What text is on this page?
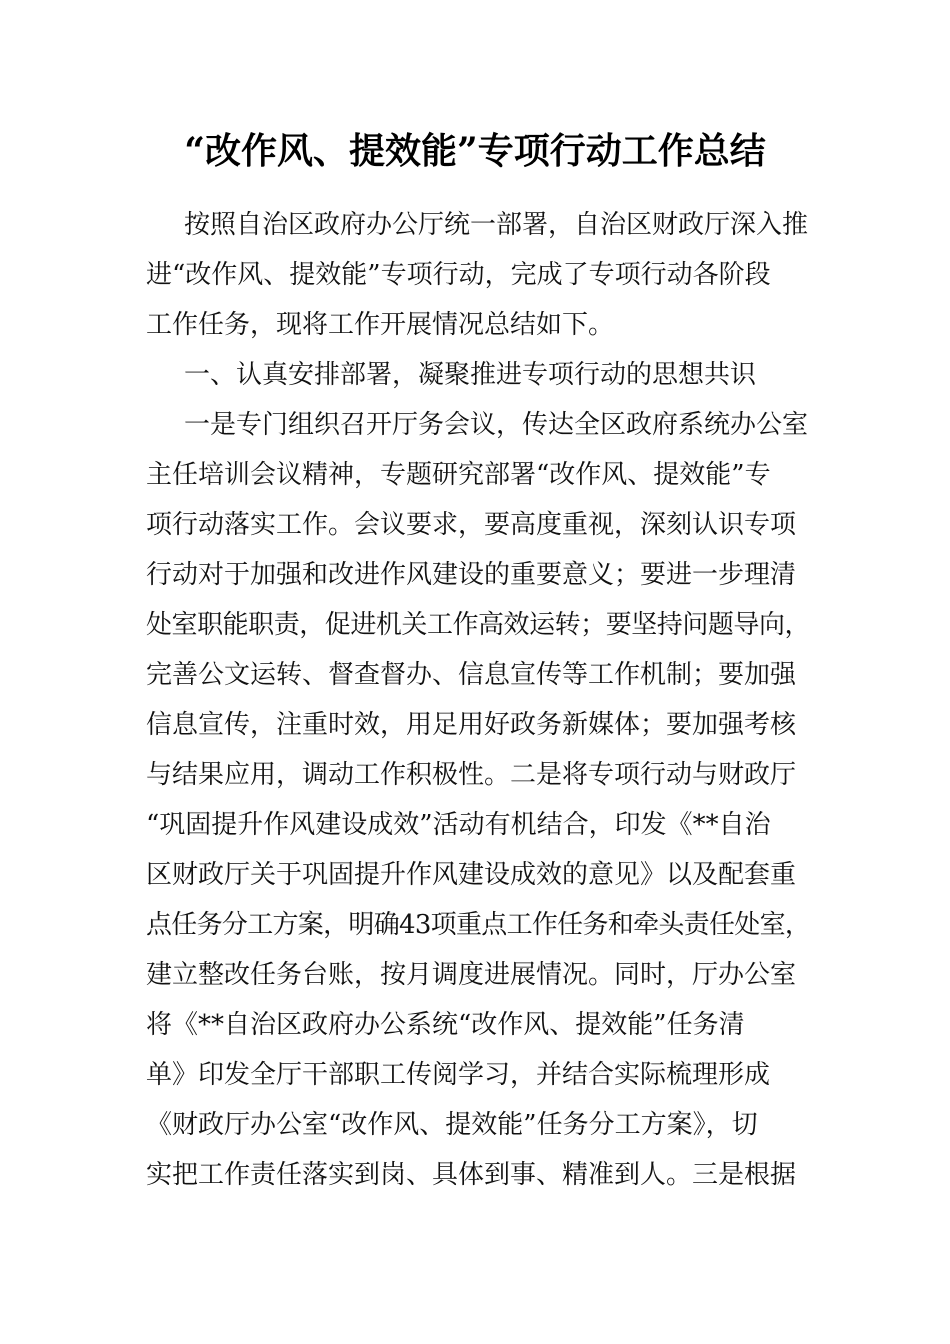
“改作风、提效能”专项行动工作总结
按照自治区政府办公厅统一部署，自治区财政厅深入推
进“改作风、提效能”专项行动，完成了专项行动各阶段
工作任务，现将工作开展情况总结如下。
一、认真安排部署，凝聚推进专项行动的思想共识
一是专门组织召开厅务会议，传达全区政府系统办公室
主任培训会议精神，专题研究部署“改作风、提效能”专
项行动落实工作。会议要求，要高度重视，深刻认识专项
行动对于加强和改进作风建设的重要意义；要进一步理清
处室职能职责，促进机关工作高效运转；要坚持问题导向，
完善公文运转、督查督办、信息宣传等工作机制；要加强
信息宣传，注重时效，用足用好政务新媒体；要加强考核
与结果应用，调动工作积极性。二是将专项行动与财政厅
“巩固提升作风建设成效”活动有机结合，印发《**自治
区财政厅关于巩固提升作风建设成效的意见》以及配套重
点任务分工方案，明确43项重点工作任务和牵头责任处室，
建立整改任务台账，按月调度进展情况。同时，厅办公室
将《**自治区政府办公系统“改作风、提效能”任务清
单》印发全厅干部职工传阅学习，并结合实际梳理形成
《财政厅办公室“改作风、提效能”任务分工方案》，切
实把工作责任落实到岗、具体到事、精准到人。三是根据
